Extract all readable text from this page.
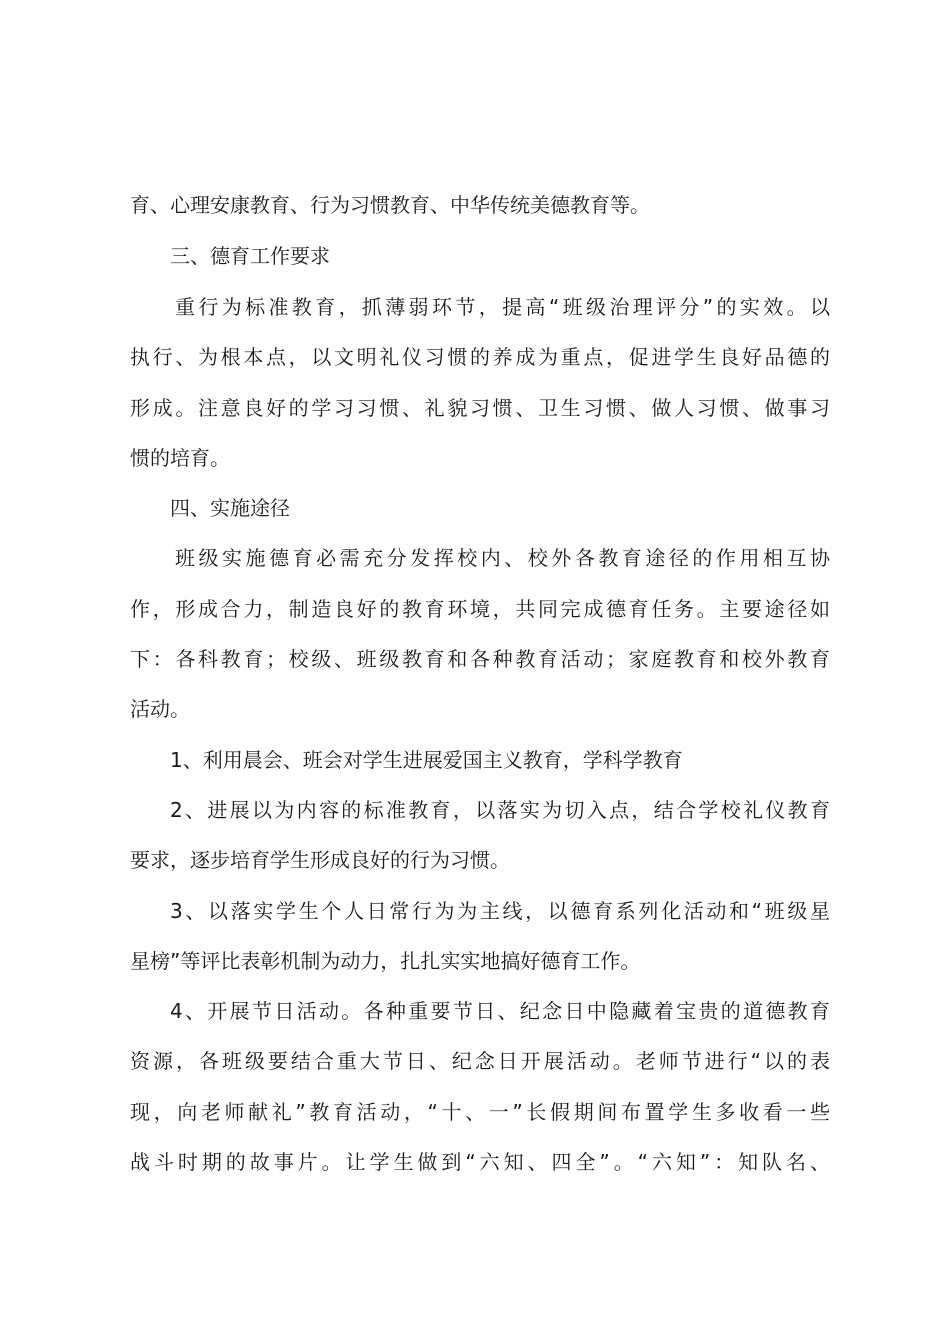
育、心理安康教育、行为习惯教育、中华传统美德教育等。
三、德育工作要求
重行为标准教育，抓薄弱环节，提高“班级治理评分”的实效。以
执行、为根本点，以文明礼仪习惯的养成为重点，促进学生良好品德的
形成。注意良好的学习习惯、礼貌习惯、卫生习惯、做人习惯、做事习
惯的培育。
四、实施途径
班级实施德育必需充分发挥校内、校外各教育途径的作用相互协
作，形成合力，制造良好的教育环境，共同完成德育任务。主要途径如
下：各科教育；校级、班级教育和各种教育活动；家庭教育和校外教育
活动。
1、利用晨会、班会对学生进展爱国主义教育，学科学教育
2、进展以为内容的标准教育，以落实为切入点，结合学校礼仪教育
要求，逐步培育学生形成良好的行为习惯。
3、以落实学生个人日常行为为主线，以德育系列化活动和“班级星
星榜”等评比表彰机制为动力，扎扎实实地搞好德育工作。
4、开展节日活动。各种重要节日、纪念日中隐藏着宝贵的道德教育
资源，各班级要结合重大节日、纪念日开展活动。老师节进行“以的表
现，向老师献礼”教育活动，“十、一”长假期间布置学生多收看一些
战斗时期的故事片。让学生做到“六知、四全”。“六知”：知队名、
